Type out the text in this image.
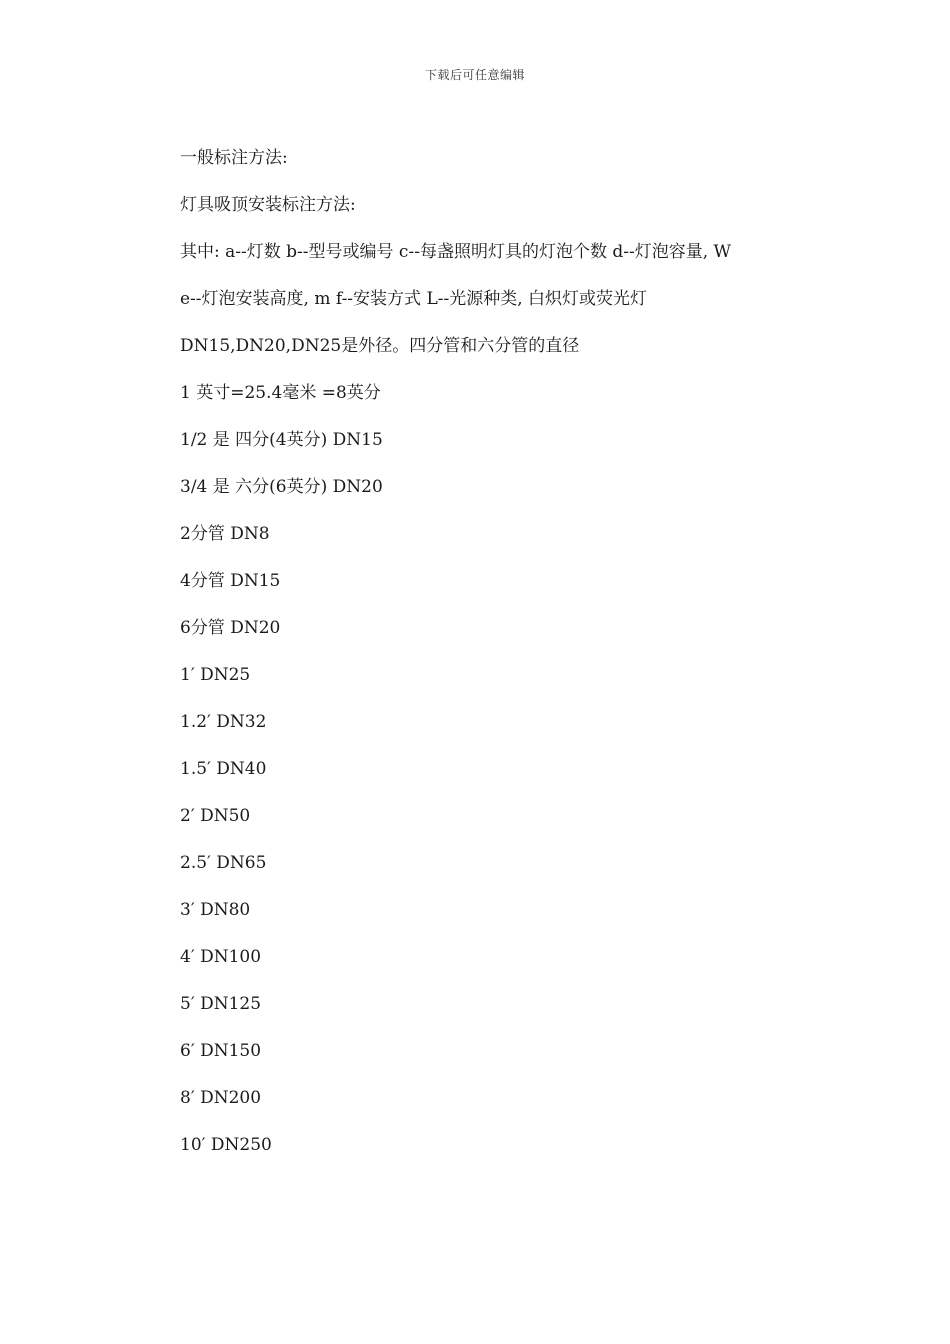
下载后可任意编辑

一般标注方法:

灯具吸顶安装标注方法:

其中: a--灯数 b--型号或编号 c--每盏照明灯具的灯泡个数 d--灯泡容量, W

e--灯泡安装高度, m f--安装方式 L--光源种类, 白炽灯或荧光灯

DN15,DN20,DN25是外径。四分管和六分管的直径

1 英寸=25.4毫米 =8英分

1/2 是 四分(4英分) DN15

3/4 是 六分(6英分) DN20

2分管 DN8

4分管 DN15

6分管 DN20

1′ DN25

1.2′ DN32

1.5′ DN40

2′ DN50

2.5′ DN65

3′ DN80

4′ DN100

5′ DN125

6′ DN150

8′ DN200

10′ DN250
